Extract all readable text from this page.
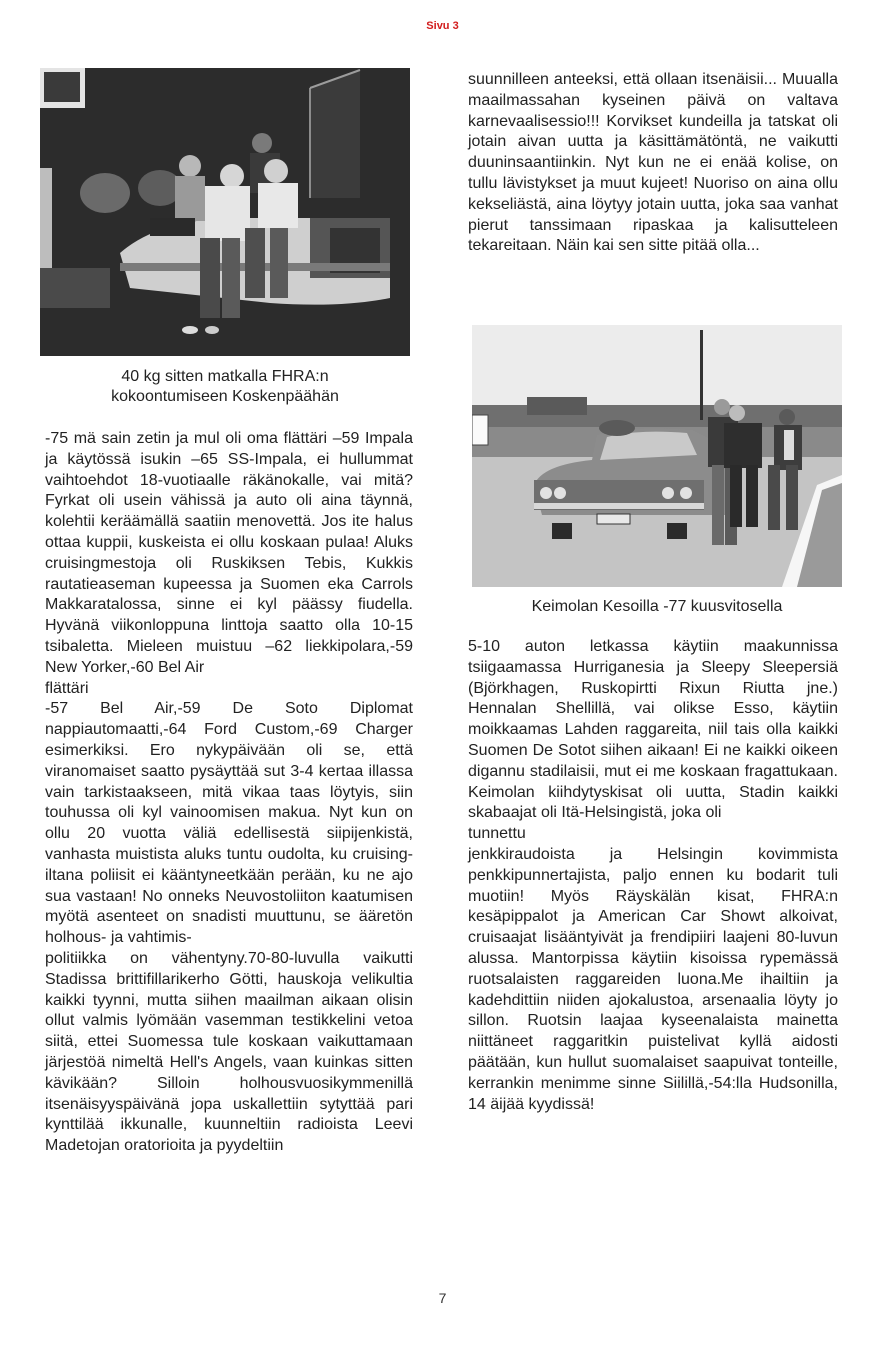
Sivu 3
40 kg sitten matkalla FHRA:n
kokoontumiseen Koskenpäähän

-75 mä sain zetin ja mul oli oma flättäri –59 Impala ja käytössä isukin –65 SS-Impala, ei hullummat vaihtoehdot 18-vuotiaalle räkänokalle, vai mitä? Fyrkat oli usein vähissä ja auto oli aina täynnä, kolehtii keräämällä saatiin menovettä. Jos ite halus ottaa kuppii, kuskeista ei ollu koskaan pulaa! Aluks cruisingmestoja oli Ruskiksen Tebis, Kukkis rautatieaseman kupeessa ja Suomen eka Carrols Makkaratalossa, sinne ei kyl päässy fiudella. Hyvänä viikonloppuna linttoja saatto olla 10-15 tsibaletta. Mieleen muistuu –62 liekkipolara,-59 New Yorker,-60 Bel Air

flättäri

-57 Bel Air,-59 De Soto Diplomat nappiautomaatti,-64 Ford Custom,-69 Charger esimerkiksi. Ero nykypäivään oli se, että viranomaiset saatto pysäyttää sut 3-4 kertaa illassa vain tarkistaakseen, mitä vikaa taas löytyis, siin touhussa oli kyl vainoomisen makua. Nyt kun on ollu 20 vuotta väliä edellisestä siipijenkistä, vanhasta muistista aluks tuntu oudolta, ku cruising-iltana poliisit ei kääntyneetkään perään, ku ne ajo sua vastaan! No onneks Neuvostoliiton kaatumisen myötä asenteet on snadisti muuttunu, se ääretön holhous- ja vahtimis-

politiikka on vähentyny.70-80-luvulla vaikutti Stadissa brittifillarikerho Götti, hauskoja velikultia kaikki tyynni, mutta siihen maailman aikaan olisin ollut valmis lyömään vasemman testikkelini vetoa siitä, ettei Suomessa tule koskaan vaikuttamaan järjestöä nimeltä Hell's Angels, vaan kuinkas sitten kävikään? Silloin holhousvuosikymmenillä itsenäisyyspäivänä jopa uskallettiin sytyttää pari kynttilää ikkunalle, kuunneltiin radioista Leevi Madetojan oratorioita ja pyydeltiin

suunnilleen anteeksi, että ollaan itsenäisii... Muualla maailmassahan kyseinen päivä on valtava karnevaalisessio!!! Korvikset kundeilla ja tatskat oli jotain aivan uutta ja käsittämätöntä, ne vaikutti duuninsaantiinkin. Nyt kun ne ei enää kolise, on tullu lävistykset ja muut kujeet! Nuoriso on aina ollu kekseliästä, aina löytyy jotain uutta, joka saa vanhat pierut tanssimaan ripaskaa ja kalisutteleen tekareitaan. Näin kai sen sitte pitää olla...

Keimolan Kesoilla -77 kuusvitosella

5-10 auton letkassa käytiin maakunnissa tsiigaamassa Hurriganesia ja Sleepy Sleepersiä (Björkhagen, Ruskopirtti Rixun Riutta jne.) Hennalan Shellillä, vai olikse Esso, käytiin moikkaamas Lahden raggareita, niil tais olla kaikki Suomen De Sotot siihen aikaan! Ei ne kaikki oikeen digannu stadilaisii, mut ei me koskaan fragattukaan. Keimolan kiihdytyskisat oli uutta, Stadin kaikki skabaajat oli Itä-Helsingistä, joka oli

tunnettu

jenkkiraudoista ja Helsingin kovimmista penkkipunnertajista, paljo ennen ku bodarit tuli muotiin! Myös Räyskälän kisat, FHRA:n kesäpippalot ja American Car Showt alkoivat, cruisaajat lisääntyivät ja frendipiiri laajeni 80-luvun alussa. Mantorpissa käytiin kisoissa rypemässä ruotsalaisten raggareiden luona.Me ihailtiin ja kadehdittiin niiden ajokalustoa, arsenaalia löyty jo sillon. Ruotsin laajaa kyseenalaista mainetta niittäneet raggaritkin puistelivat kyllä aidosti päätään, kun hullut suomalaiset saapuivat tonteille, kerrankin menimme sinne Siilillä,-54:lla Hudsonilla, 14 äijää kyydissä!

7
